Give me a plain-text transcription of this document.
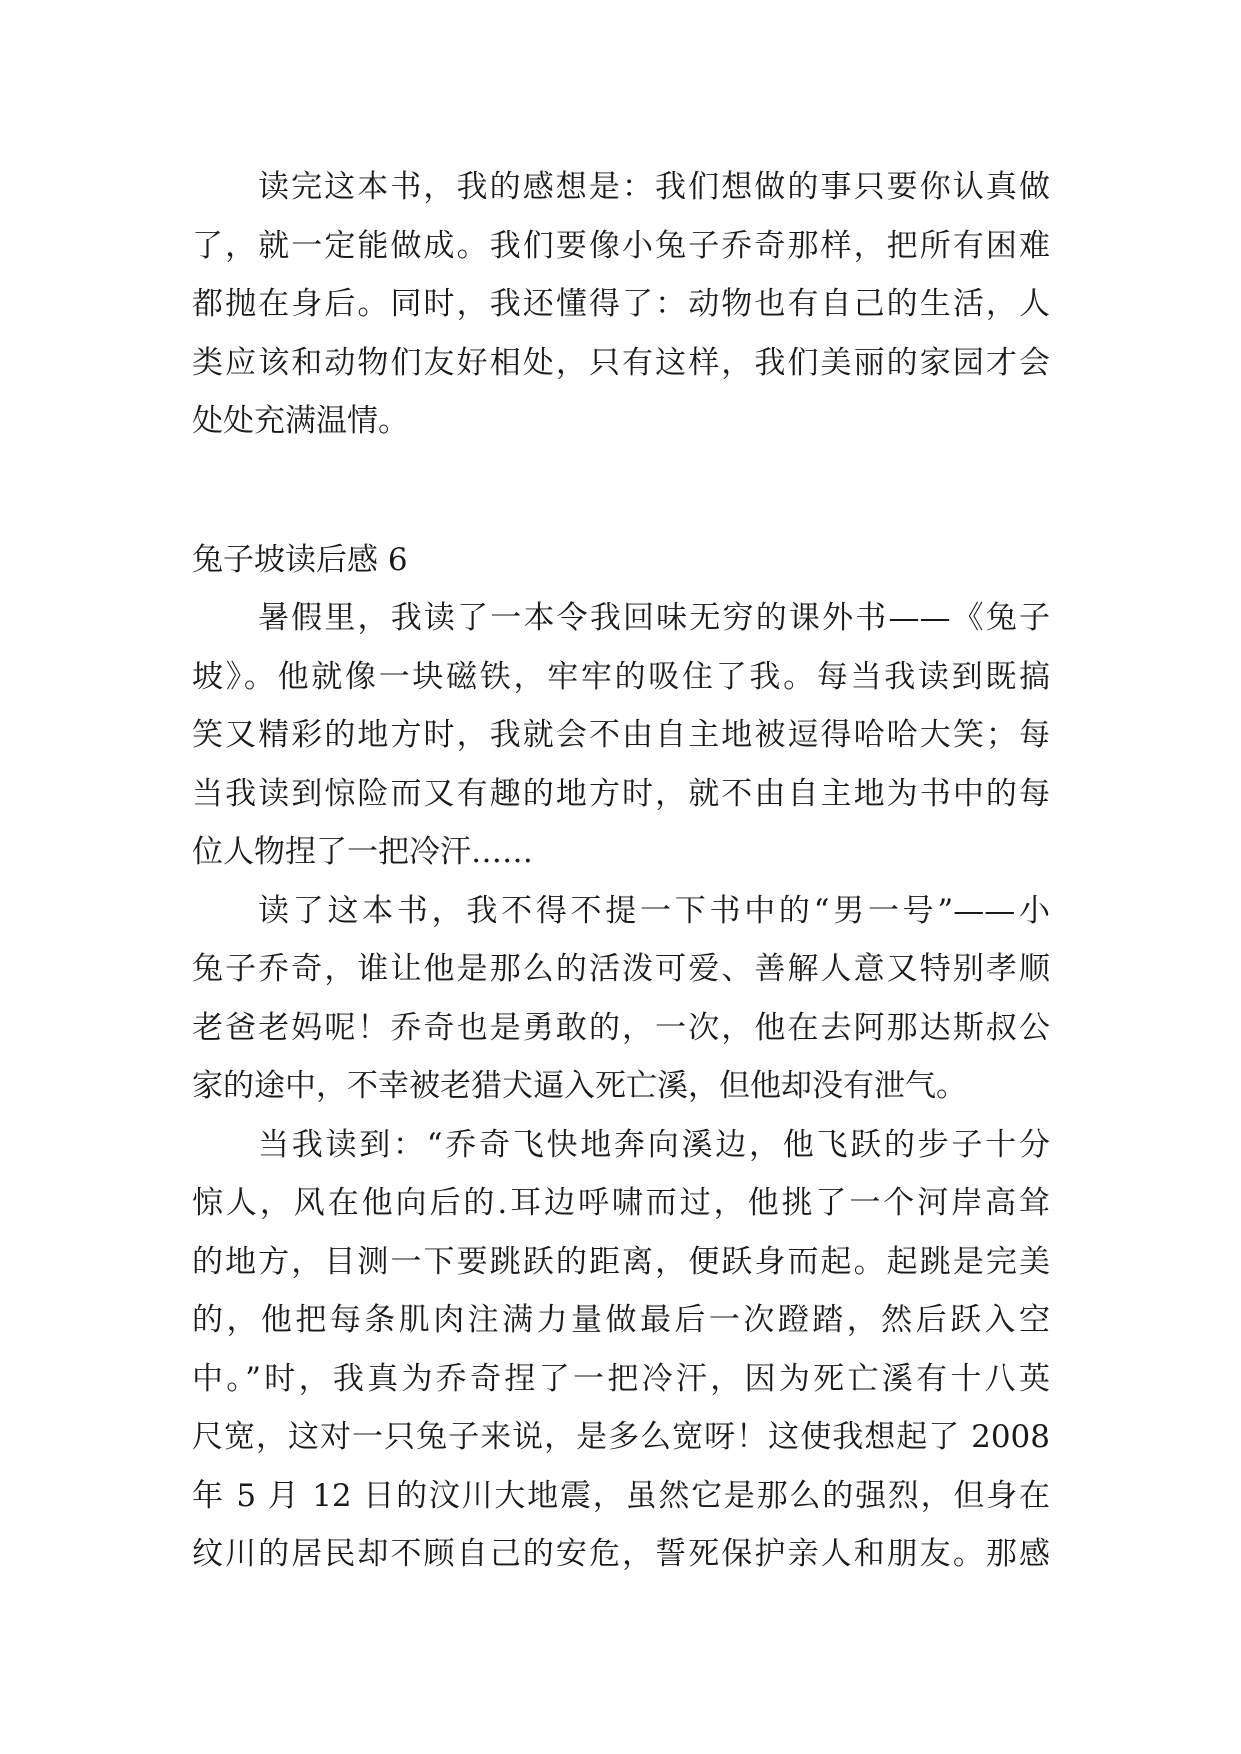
读完这本书，我的感想是：我们想做的事只要你认真做
了，就一定能做成。我们要像小兔子乔奇那样，把所有困难
都抛在身后。同时，我还懂得了：动物也有自己的生活，人
类应该和动物们友好相处，只有这样，我们美丽的家园才会
处处充满温情。
兔子坡读后感 6
暑假里，我读了一本令我回味无穷的课外书——《兔子
坡》。他就像一块磁铁，牢牢的吸住了我。每当我读到既搞
笑又精彩的地方时，我就会不由自主地被逗得哈哈大笑；每
当我读到惊险而又有趣的地方时，就不由自主地为书中的每
位人物捏了一把冷汗……
读了这本书，我不得不提一下书中的“男一号”——小
兔子乔奇，谁让他是那么的活泼可爱、善解人意又特别孝顺
老爸老妈呢！乔奇也是勇敢的，一次，他在去阿那达斯叔公
家的途中，不幸被老猎犬逼入死亡溪，但他却没有泄气。
当我读到：“乔奇飞快地奔向溪边，他飞跃的步子十分
惊人，风在他向后的.耳边呼啸而过，他挑了一个河岸高耸
的地方，目测一下要跳跃的距离，便跃身而起。起跳是完美
的，他把每条肌肉注满力量做最后一次蹬踏，然后跃入空
中。”时，我真为乔奇捏了一把冷汗，因为死亡溪有十八英
尺宽，这对一只兔子来说，是多么宽呀！这使我想起了 2008
年 5 月 12 日的汶川大地震，虽然它是那么的强烈，但身在
纹川的居民却不顾自己的安危，誓死保护亲人和朋友。那感
